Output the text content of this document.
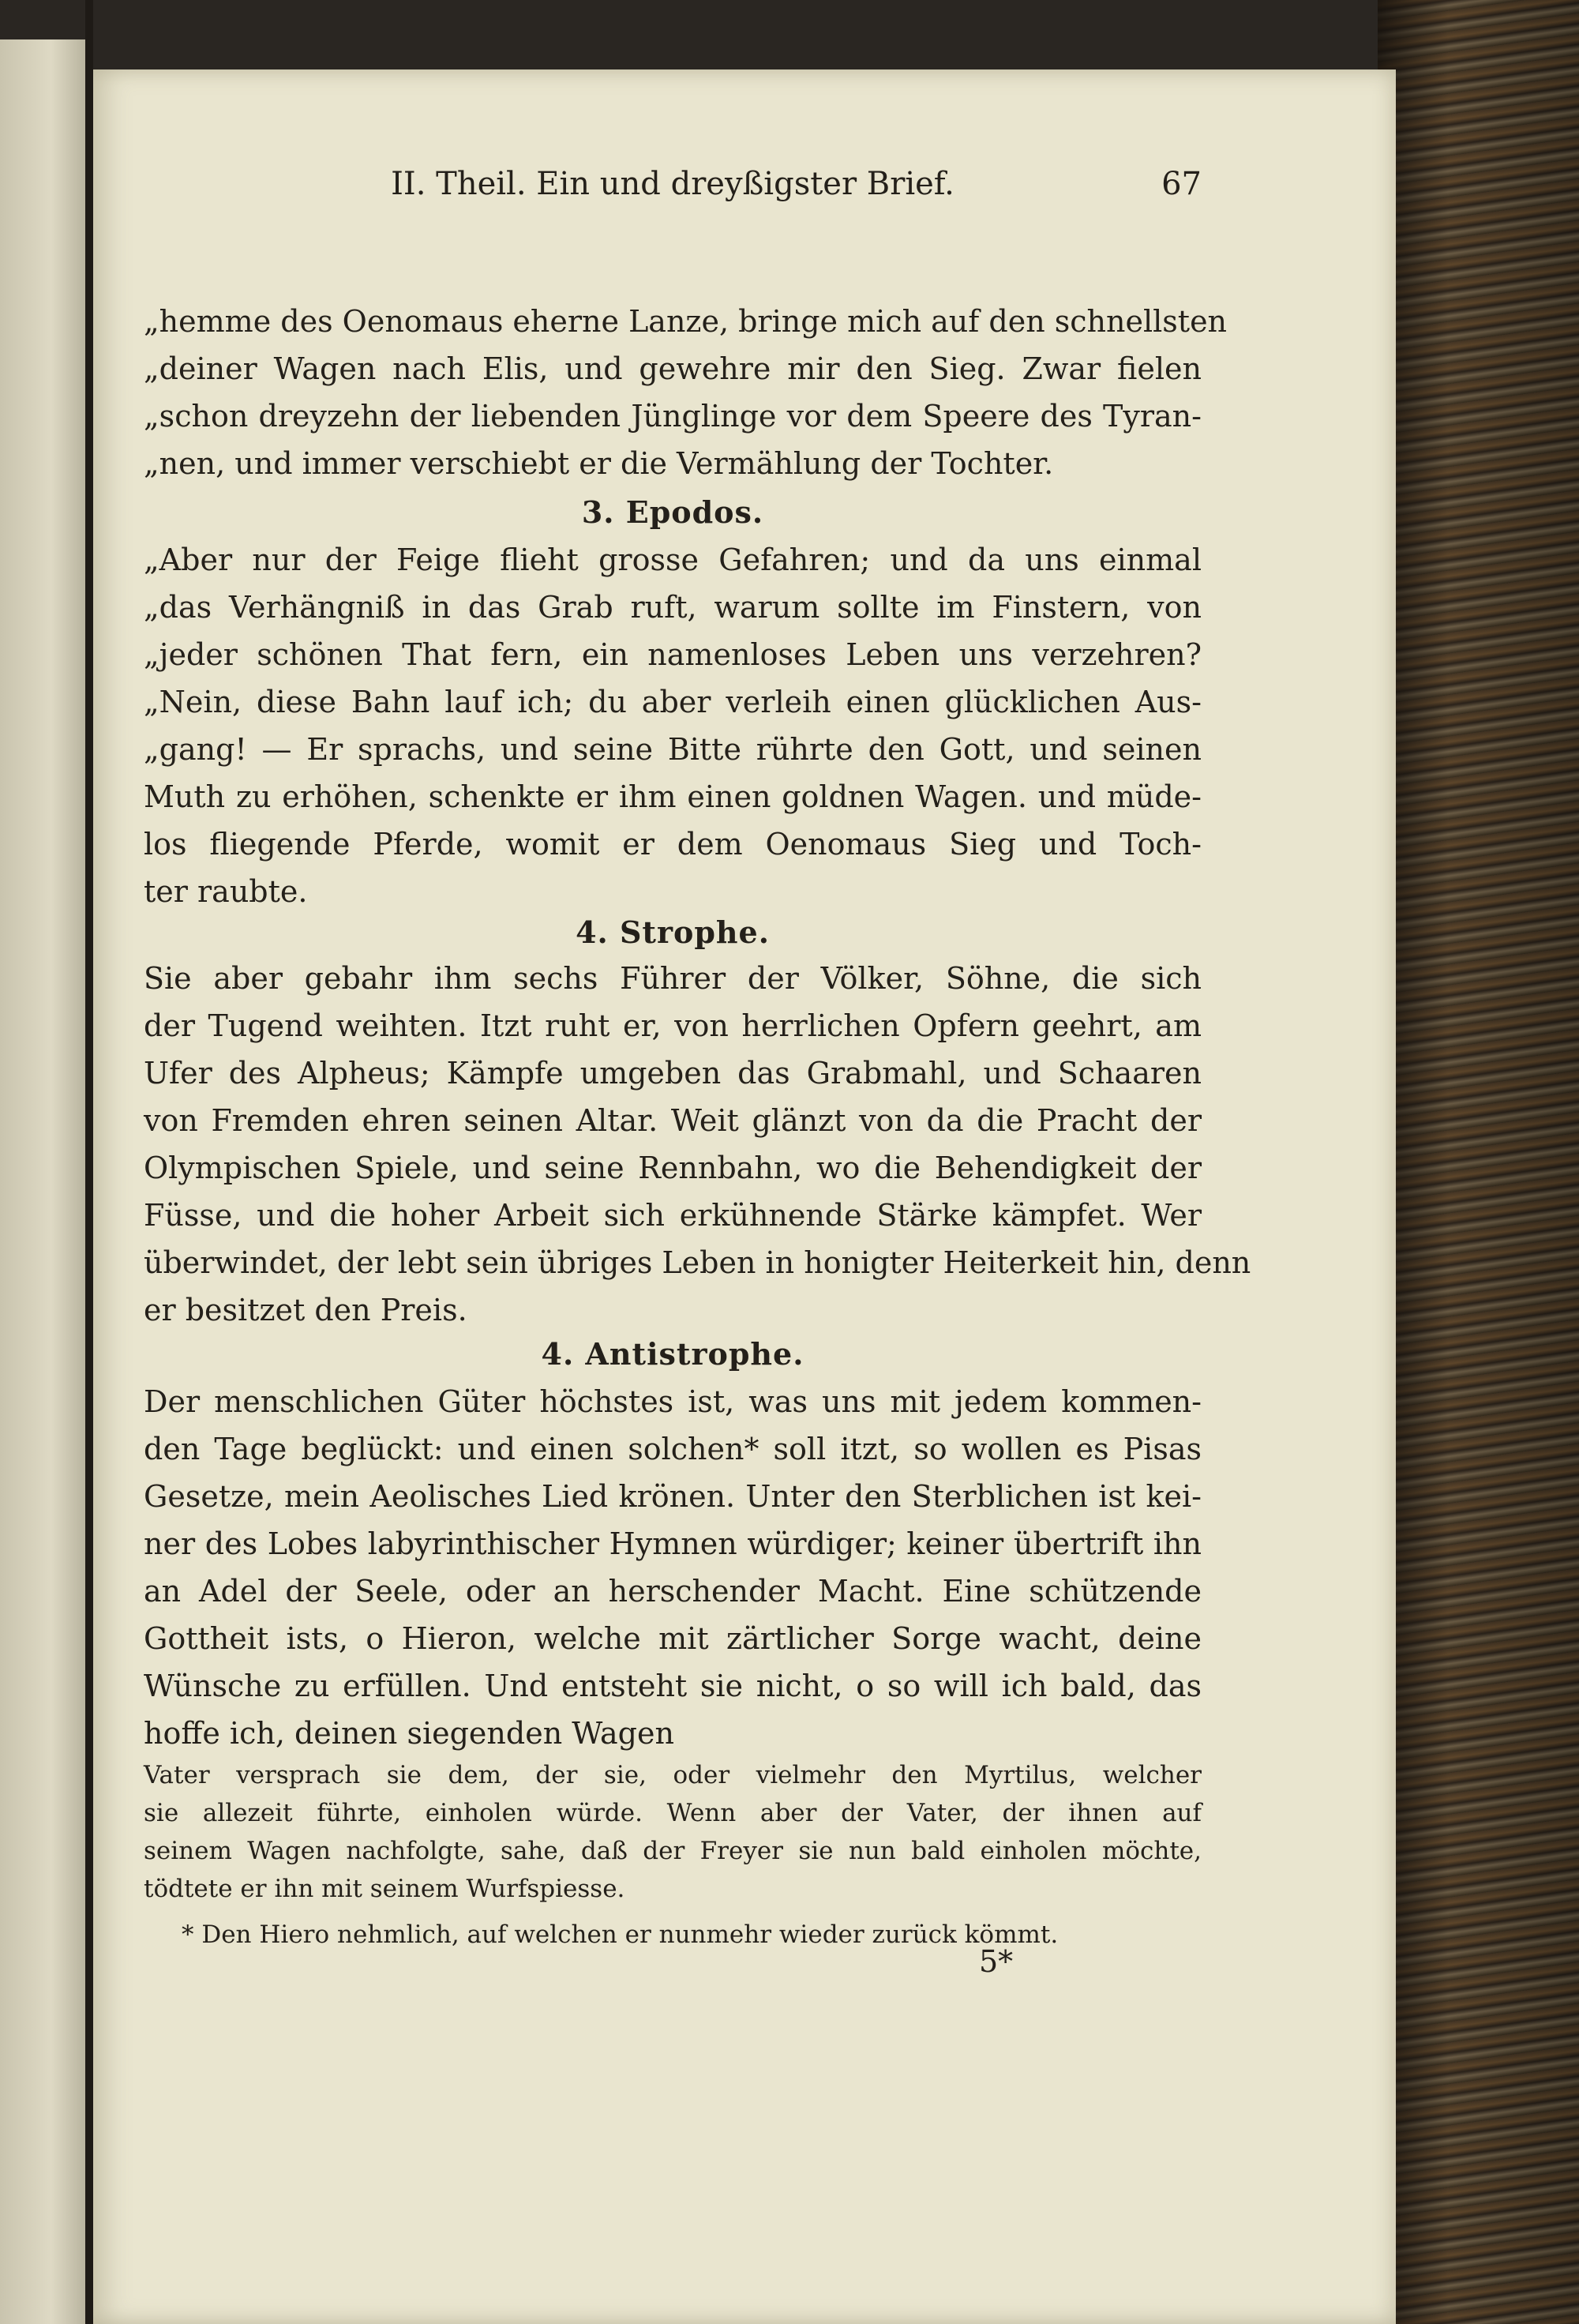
II. Theil. Ein und dreyßigster Brief.	67
„hemme des Oenomaus eherne Lanze, bringe mich auf den schnellsten
„deiner Wagen nach Elis, und gewehre mir den Sieg. Zwar fielen
„schon dreyzehn der liebenden Jünglinge vor dem Speere des Tyran-
„nen, und immer verschiebt er die Vermählung der Tochter.
3. Epodos.
„Aber nur der Feige flieht grosse Gefahren; und da uns einmal
„das Verhängniß in das Grab ruft, warum sollte im Finstern, von
„jeder schönen That fern, ein namenloses Leben uns verzehren?
„Nein, diese Bahn lauf ich; du aber verleih einen glücklichen Aus-
„gang! — Er sprachs, und seine Bitte rührte den Gott, und seinen
Muth zu erhöhen, schenkte er ihm einen goldnen Wagen. und müde-
los fliegende Pferde, womit er dem Oenomaus Sieg und Toch-
ter raubte.
4. Strophe.
Sie aber gebahr ihm sechs Führer der Völker, Söhne, die sich
der Tugend weihten. Itzt ruht er, von herrlichen Opfern geehrt, am
Ufer des Alpheus; Kämpfe umgeben das Grabmahl, und Schaaren
von Fremden ehren seinen Altar. Weit glänzt von da die Pracht der
Olympischen Spiele, und seine Rennbahn, wo die Behendigkeit der
Füsse, und die hoher Arbeit sich erkühnende Stärke kämpfet. Wer
überwindet, der lebt sein übriges Leben in honigter Heiterkeit hin, denn
er besitzet den Preis.
4. Antistrophe.
Der menschlichen Güter höchstes ist, was uns mit jedem kommen-
den Tage beglückt: und einen solchen* soll itzt, so wollen es Pisas
Gesetze, mein Aeolisches Lied krönen. Unter den Sterblichen ist kei-
ner des Lobes labyrinthischer Hymnen würdiger; keiner übertrift ihn
an Adel der Seele, oder an herschender Macht. Eine schützende
Gottheit ists, o Hieron, welche mit zärtlicher Sorge wacht, deine
Wünsche zu erfüllen. Und entsteht sie nicht, o so will ich bald, das
hoffe ich, deinen siegenden Wagen
Vater versprach sie dem, der sie, oder vielmehr den Myrtilus, welcher
sie allezeit führte, einholen würde. Wenn aber der Vater, der ihnen auf
seinem Wagen nachfolgte, sahe, daß der Freyer sie nun bald einholen möchte,
tödtete er ihn mit seinem Wurfspiesse.
* Den Hiero nehmlich, auf welchen er nunmehr wieder zurück kömmt.
5*
